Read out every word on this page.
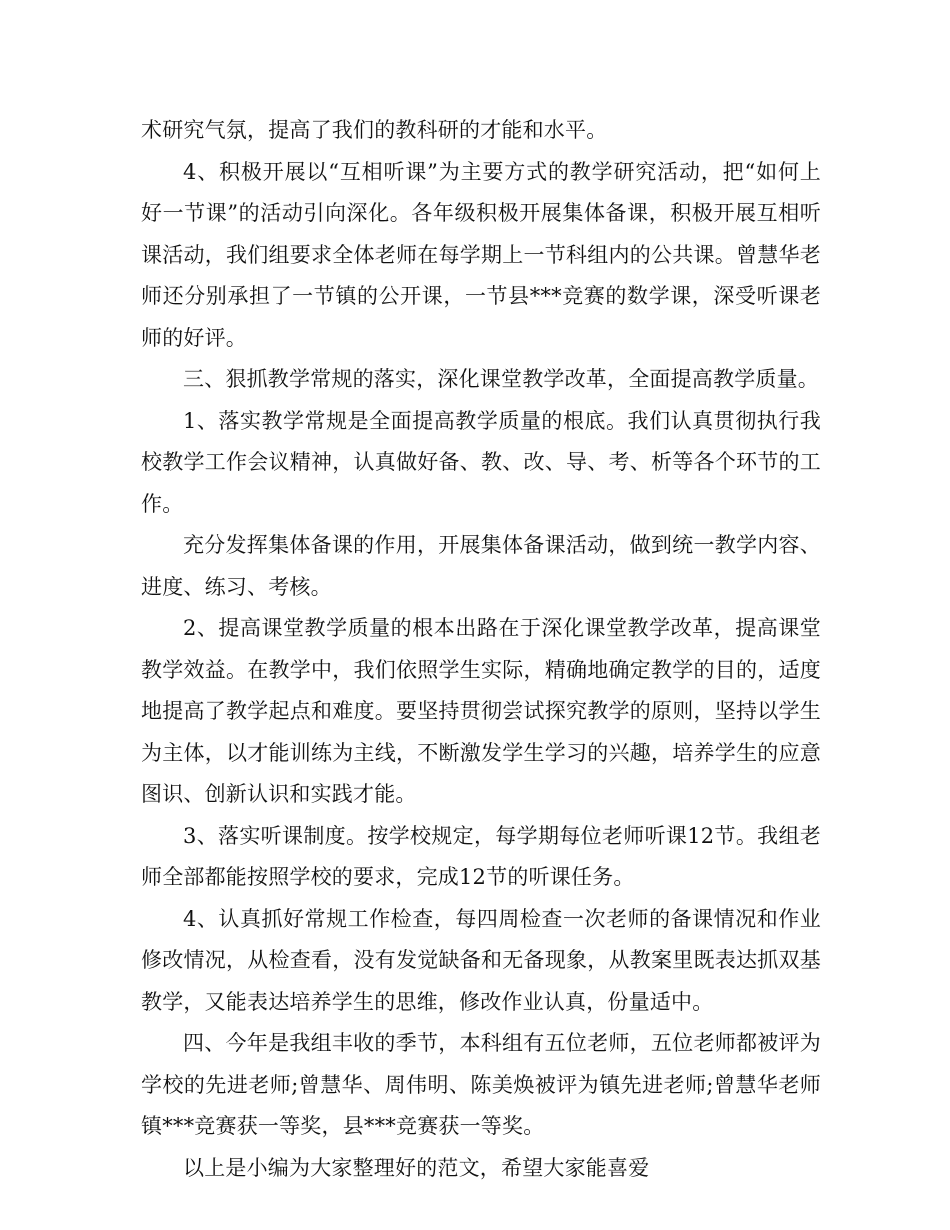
术研究气氛，提高了我们的教科研的才能和水平。

4、积极开展以“互相听课”为主要方式的教学研究活动，把“如何上好一节课”的活动引向深化。各年级积极开展集体备课，积极开展互相听课活动，我们组要求全体老师在每学期上一节科组内的公共课。曾慧华老师还分别承担了一节镇的公开课，一节县***竞赛的数学课，深受听课老师的好评。

三、狠抓教学常规的落实，深化课堂教学改革，全面提高教学质量。

1、落实教学常规是全面提高教学质量的根底。我们认真贯彻执行我校教学工作会议精神，认真做好备、教、改、导、考、析等各个环节的工作。

充分发挥集体备课的作用，开展集体备课活动，做到统一教学内容、进度、练习、考核。

2、提高课堂教学质量的根本出路在于深化课堂教学改革，提高课堂教学效益。在教学中，我们依照学生实际，精确地确定教学的目的，适度地提高了教学起点和难度。要坚持贯彻尝试探究教学的原则，坚持以学生为主体，以才能训练为主线，不断激发学生学习的兴趣，培养学生的应意图识、创新认识和实践才能。

3、落实听课制度。按学校规定，每学期每位老师听课12节。我组老师全部都能按照学校的要求，完成12节的听课任务。

4、认真抓好常规工作检查，每四周检查一次老师的备课情况和作业修改情况，从检查看，没有发觉缺备和无备现象，从教案里既表达抓双基教学，又能表达培养学生的思维，修改作业认真，份量适中。

四、今年是我组丰收的季节，本科组有五位老师，五位老师都被评为学校的先进老师;曾慧华、周伟明、陈美焕被评为镇先进老师;曾慧华老师镇***竞赛获一等奖，县***竞赛获一等奖。

以上是小编为大家整理好的范文，希望大家能喜爱
